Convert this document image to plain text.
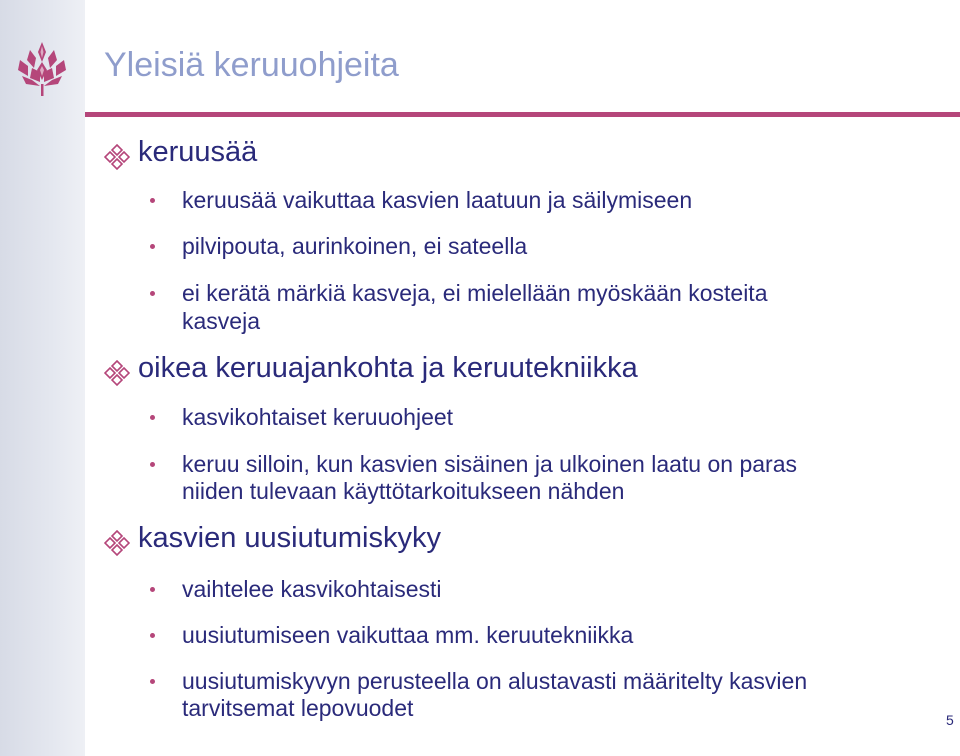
Yleisiä keruuohjeita
keruusää
keruusää vaikuttaa kasvien laatuun ja säilymiseen
pilvipouta, aurinkoinen, ei sateella
ei kerätä märkiä kasveja, ei mielellään myöskään kosteita
kasveja
oikea keruuajankohta ja keruutekniikka
kasvikohtaiset keruuohjeet
keruu silloin, kun kasvien sisäinen ja ulkoinen laatu on paras
niiden tulevaan käyttötarkoitukseen nähden
kasvien uusiutumiskyky
vaihtelee kasvikohtaisesti
uusiutumiseen vaikuttaa mm. keruutekniikka
uusiutumiskyvyn perusteella on alustavasti määritelty kasvien
tarvitsemat lepovuodet	5
